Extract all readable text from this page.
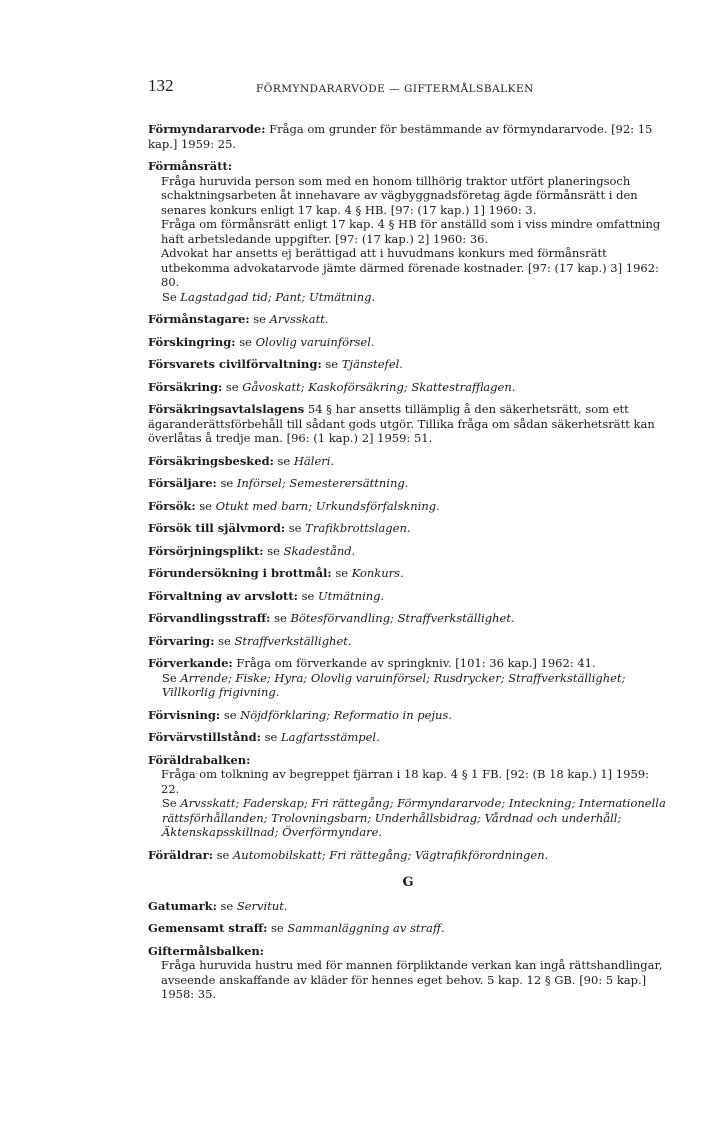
132	FÖRMYNDARARVODE — GIFTERMÅLSBALKEN
Förmyndararvode: Fråga om grunder för bestämmande av förmyndararvode. [92: 15 kap.] 1959: 25.
Förmånsrätt:
Fråga huruvida person som med en honom tillhörig traktor utfört planeringsoch schaktningsarbeten åt innehavare av vägbyggnadsföretag ägde förmånsrätt i den senares konkurs enligt 17 kap. 4 § HB. [97: (17 kap.) 1] 1960: 3.
Fråga om förmånsrätt enligt 17 kap. 4 § HB för anställd som i viss mindre omfattning haft arbetsledande uppgifter. [97: (17 kap.) 2] 1960: 36.
Advokat har ansetts ej berättigad att i huvudmans konkurs med förmånsrätt utbekomma advokatarvode jämte därmed förenade kostnader. [97: (17 kap.) 3] 1962: 80.
Se Lagstadgad tid; Pant; Utmätning.
Förmånstagare: se Arvsskatt.
Förskingring: se Olovlig varuinförsel.
Försvarets civilförvaltning: se Tjänstefel.
Försäkring: se Gåvoskatt; Kaskoförsäkring; Skattestrafflagen.
Försäkringsavtalslagens 54 § har ansetts tillämplig å den säkerhetsrätt, som ett ägaranderättsförbehåll till sådant gods utgör. Tillika fråga om sådan säkerhetsrätt kan överlåtas å tredje man. [96: (1 kap.) 2] 1959: 51.
Försäkringsbesked: se Häleri.
Försäljare: se Införsel; Semesterersättning.
Försök: se Otukt med barn; Urkundsförfalskning.
Försök till självmord: se Trafikbrottslagen.
Försörjningsplikt: se Skadestånd.
Förundersökning i brottmål: se Konkurs.
Förvaltning av arvslott: se Utmätning.
Förvandlingsstraff: se Bötesförvandling; Straffverkställighet.
Förvaring: se Straffverkställighet.
Förverkande: Fråga om förverkande av springkniv. [101: 36 kap.] 1962: 41.
Se Arrende; Fiske; Hyra; Olovlig varuinförsel; Rusdrycker; Straffverkställighet; Villkorlig frigivning.
Förvisning: se Nöjdförklaring; Reformatio in pejus.
Förvärvstillstånd: se Lagfartsstämpel.
Föräldrabalken:
Fråga om tolkning av begreppet fjärran i 18 kap. 4 § 1 FB. [92: (B 18 kap.) 1] 1959: 22.
Se Arvsskatt; Faderskap; Fri rättegång; Förmyndararvode; Inteckning; Internationella rättsförhållanden; Trolovningsbarn; Underhållsbidrag; Vårdnad och underhåll; Äktenskapsskillnad; Överförmyndare.
Föräldrar: se Automobilskatt; Fri rättegång; Vägtrafikförordningen.
G
Gatumark: se Servitut.
Gemensamt straff: se Sammanläggning av straff.
Giftermålsbalken:
Fråga huruvida hustru med för mannen förpliktande verkan kan ingå rättshandlingar, avseende anskaffande av kläder för hennes eget behov. 5 kap. 12 § GB. [90: 5 kap.] 1958: 35.
